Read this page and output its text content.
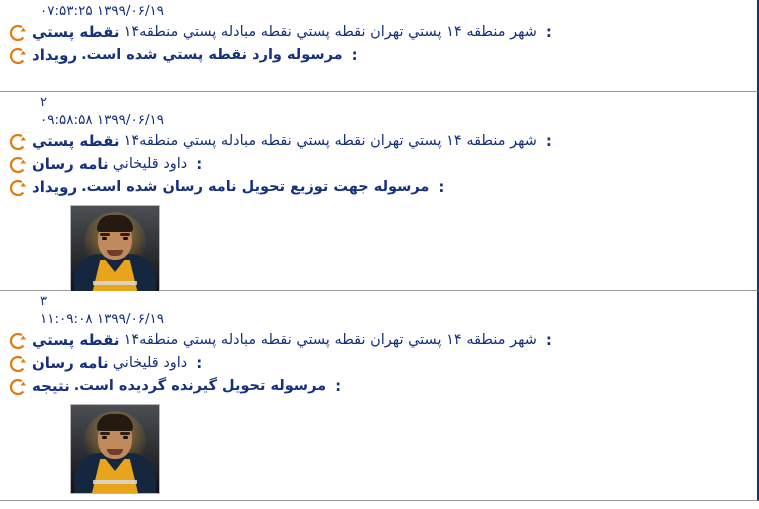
۰۷:۵۳:۲۵ ۱۳۹۹/۰۶/۱۹
شهر منطقه ۱۴ پستي تهران نقطه پستي نقطه مبادله پستي منطقه۱۴ :
نقطه پستي
مرسوله وارد نقطه پستي شده است. :
رويداد
۲
۰۹:۵۸:۵۸ ۱۳۹۹/۰۶/۱۹
شهر منطقه ۱۴ پستي تهران نقطه پستي نقطه مبادله پستي منطقه۱۴ :
نقطه پستي
داود قليخاني :
نامه رسان
مرسوله جهت توزيع تحويل نامه رسان شده است. :
رويداد
۳
۱۱:۰۹:۰۸ ۱۳۹۹/۰۶/۱۹
شهر منطقه ۱۴ پستي تهران نقطه پستي نقطه مبادله پستي منطقه۱۴ :
نقطه پستي
داود قليخاني :
نامه رسان
مرسوله تحويل گيرنده گرديده است. :
نتيجه
